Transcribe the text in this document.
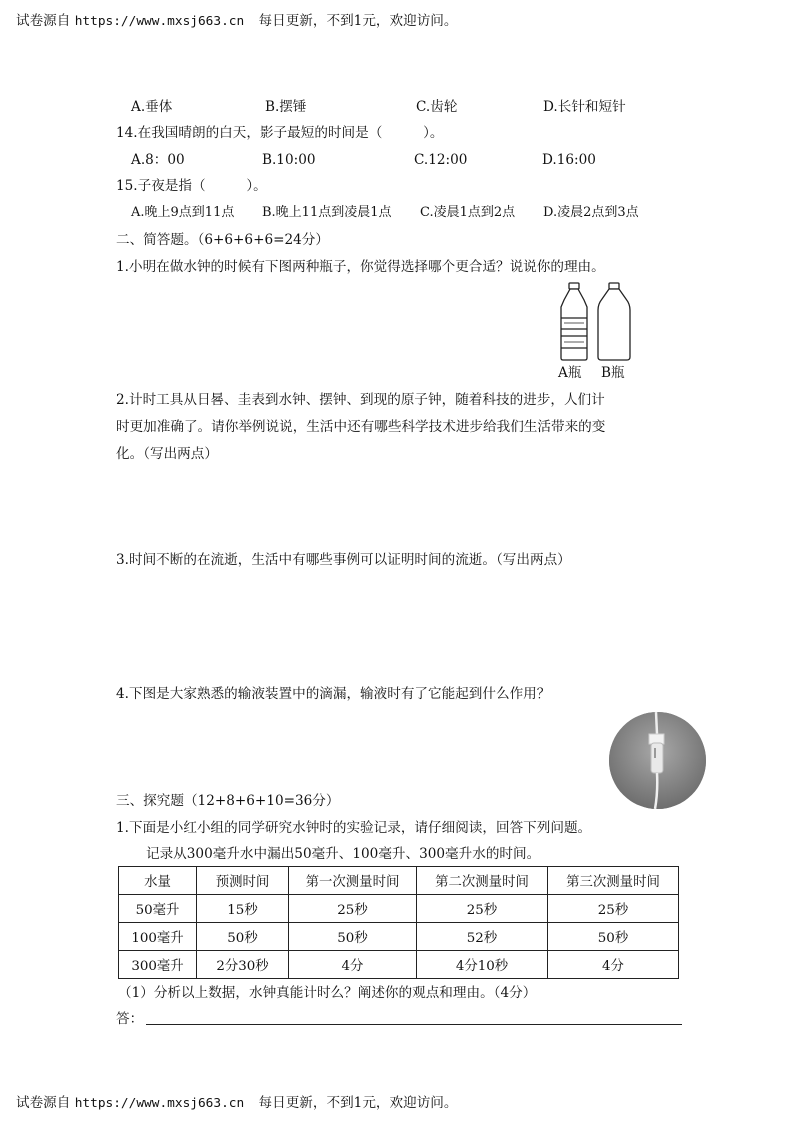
试卷源自 https://www.mxsj663.cn 每日更新，不到1元，欢迎访问。
A.垂体	B.摆锤	C.齿轮	D.长针和短针
14.在我国晴朗的白天，影子最短的时间是（　　　）。
A.8：00	B.10:00	C.12:00	D.16:00
15.子夜是指（　　　）。
A.晚上9点到11点 B.晚上11点到凌晨1点 C.凌晨1点到2点 D.凌晨2点到3点
二、简答题。（6+6+6+6=24分）
1.小明在做水钟的时候有下图两种瓶子，你觉得选择哪个更合适？说说你的理由。
A瓶 B瓶
2.计时工具从日晷、圭表到水钟、摆钟、到现的原子钟，随着科技的进步，人们计
时更加准确了。请你举例说说，生活中还有哪些科学技术进步给我们生活带来的变
化。（写出两点）
3.时间不断的在流逝，生活中有哪些事例可以证明时间的流逝。（写出两点）
4.下图是大家熟悉的输液装置中的滴漏，输液时有了它能起到什么作用？
三、探究题（12+8+6+10=36分）
1.下面是小红小组的同学研究水钟时的实验记录，请仔细阅读，回答下列问题。
记录从300毫升水中漏出50毫升、100毫升、300毫升水的时间。
水量	预测时间	第一次测量时间	第二次测量时间	第三次测量时间
50毫升	15秒	25秒	25秒	25秒
100毫升	50秒	50秒	52秒	50秒
300毫升	2分30秒	4分	4分10秒	4分
（1）分析以上数据，水钟真能计时么？阐述你的观点和理由。（4分）
答：
试卷源自 https://www.mxsj663.cn 每日更新，不到1元，欢迎访问。
